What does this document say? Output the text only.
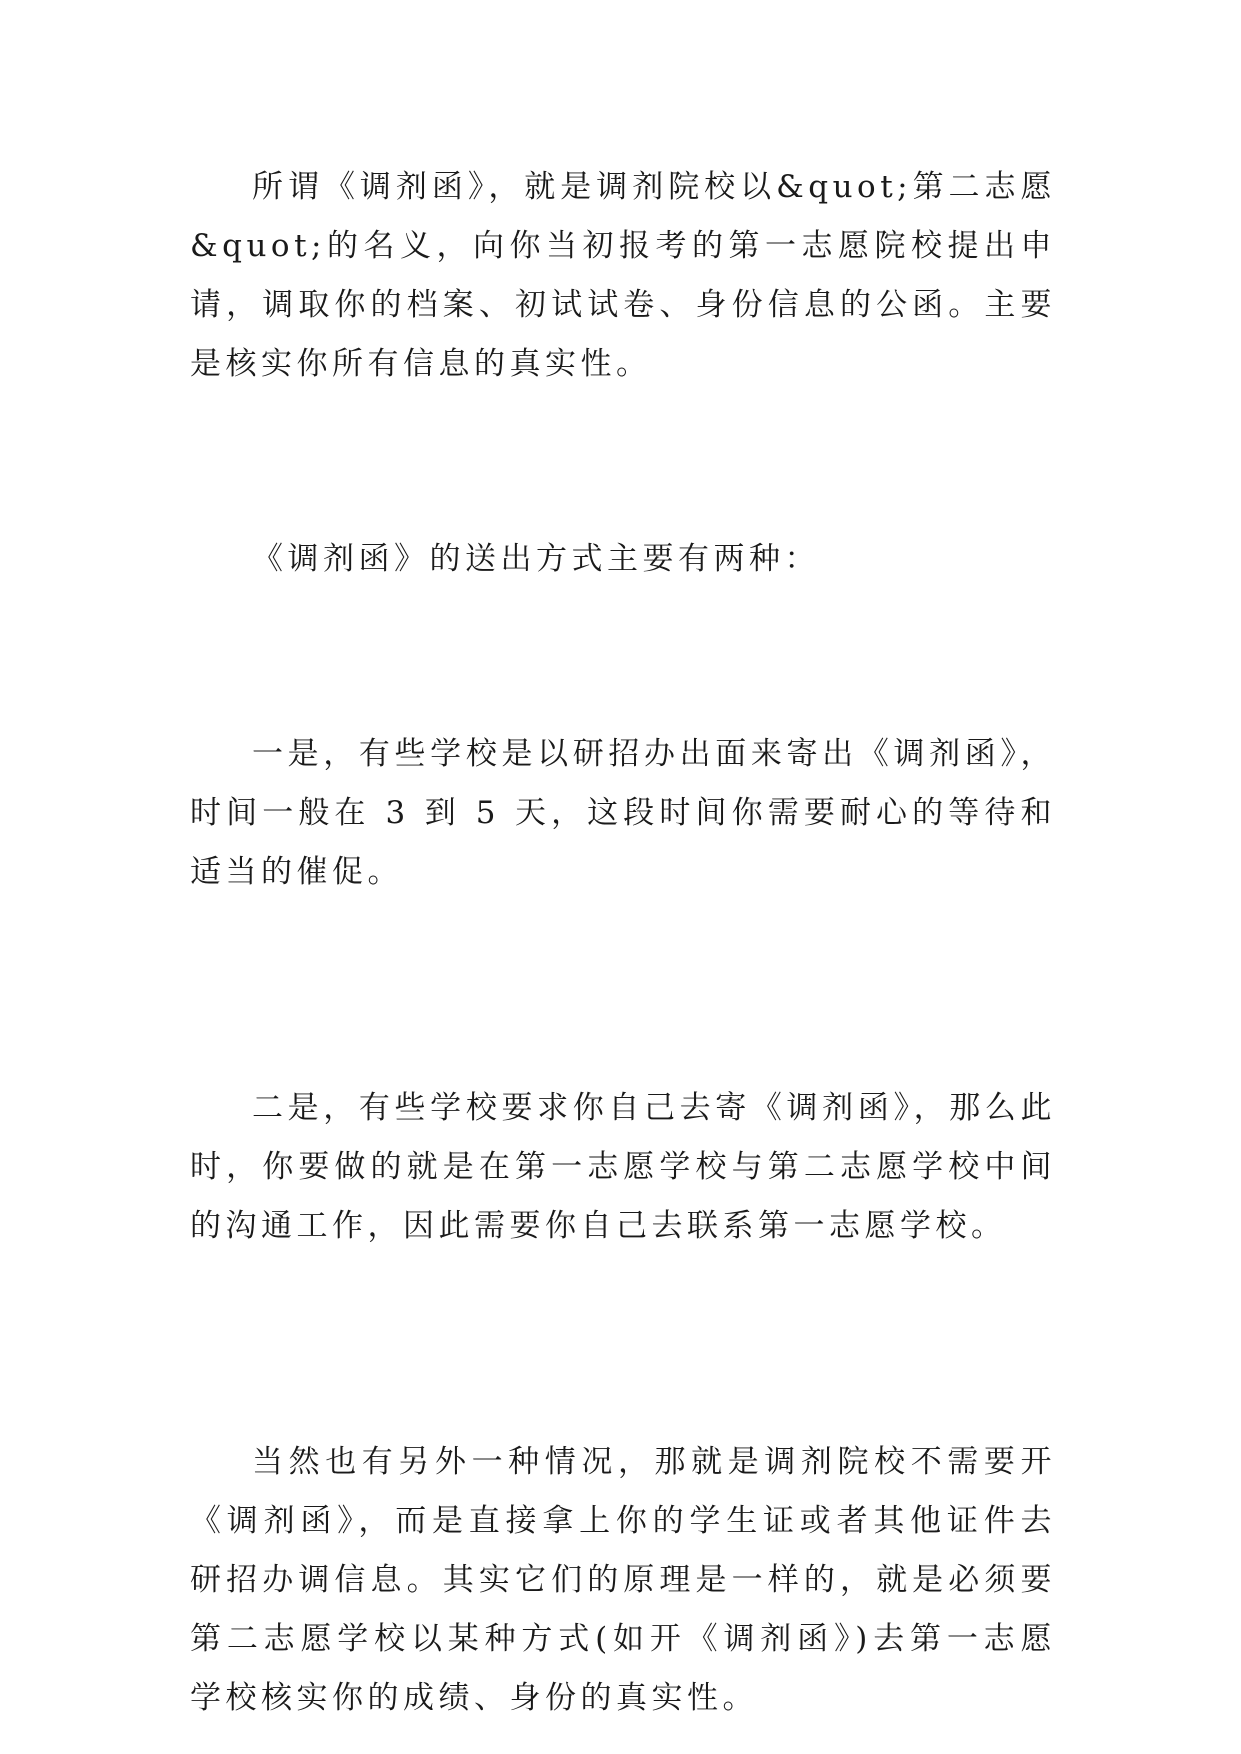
所谓《调剂函》，就是调剂院校以&quot;第二志愿&quot;的名义，向你当初报考的第一志愿院校提出申请，调取你的档案、初试试卷、身份信息的公函。主要是核实你所有信息的真实性。

《调剂函》的送出方式主要有两种：

一是，有些学校是以研招办出面来寄出《调剂函》，时间一般在 3 到 5 天，这段时间你需要耐心的等待和适当的催促。

二是，有些学校要求你自己去寄《调剂函》，那么此时，你要做的就是在第一志愿学校与第二志愿学校中间的沟通工作，因此需要你自己去联系第一志愿学校。

当然也有另外一种情况，那就是调剂院校不需要开《调剂函》，而是直接拿上你的学生证或者其他证件去研招办调信息。其实它们的原理是一样的，就是必须要第二志愿学校以某种方式(如开《调剂函》)去第一志愿学校核实你的成绩、身份的真实性。
